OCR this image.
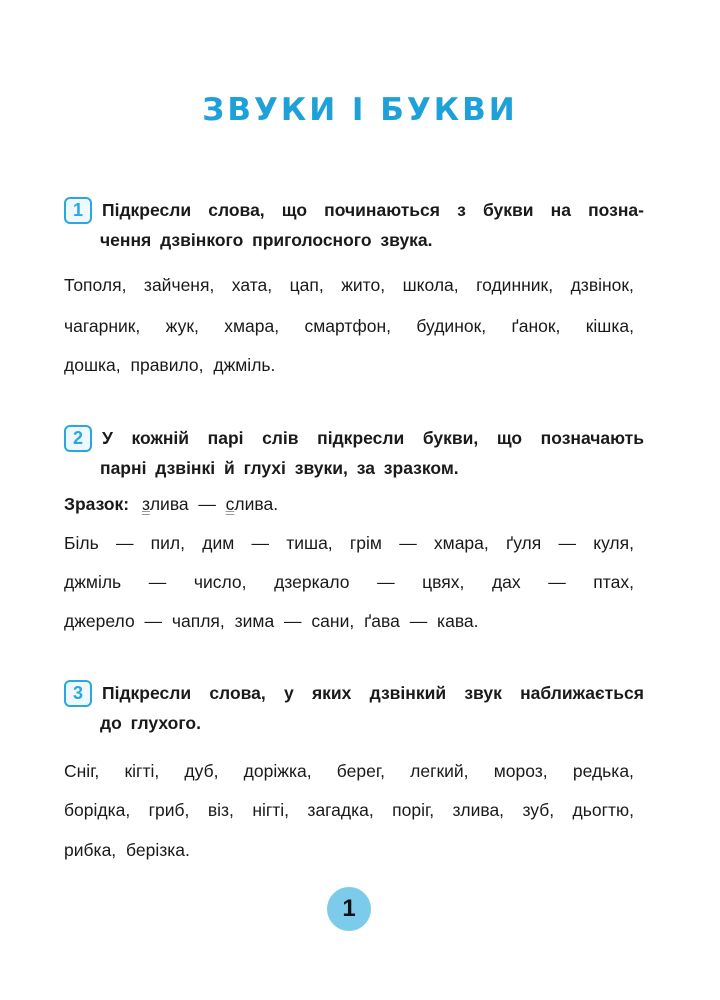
ЗВУКИ І БУКВИ
1	Підкресли слова, що починаються з букви на позна-
чення дзвінкого приголосного звука.
Тополя, зайченя, хата, цап, жито, школа, годинник, дзвінок,
чагарник, жук, хмара, смартфон, будинок, ґанок, кішка,
дошка, правило, джміль.
2	У кожній парі слів підкресли букви, що позначають
парні дзвінкі й глухі звуки, за зразком.
Зразок: злива — слива.
Біль — пил, дим — тиша, грім — хмара, ґуля — куля,
джміль — число, дзеркало — цвях, дах — птах,
джерело — чапля, зима — сани, ґава — кава.
3	Підкресли слова, у яких дзвінкий звук наближається
до глухого.
Сніг, кігті, дуб, доріжка, берег, легкий, мороз, редька,
борідка, гриб, віз, нігті, загадка, поріг, злива, зуб, дьогтю,
рибка, берізка.
1
